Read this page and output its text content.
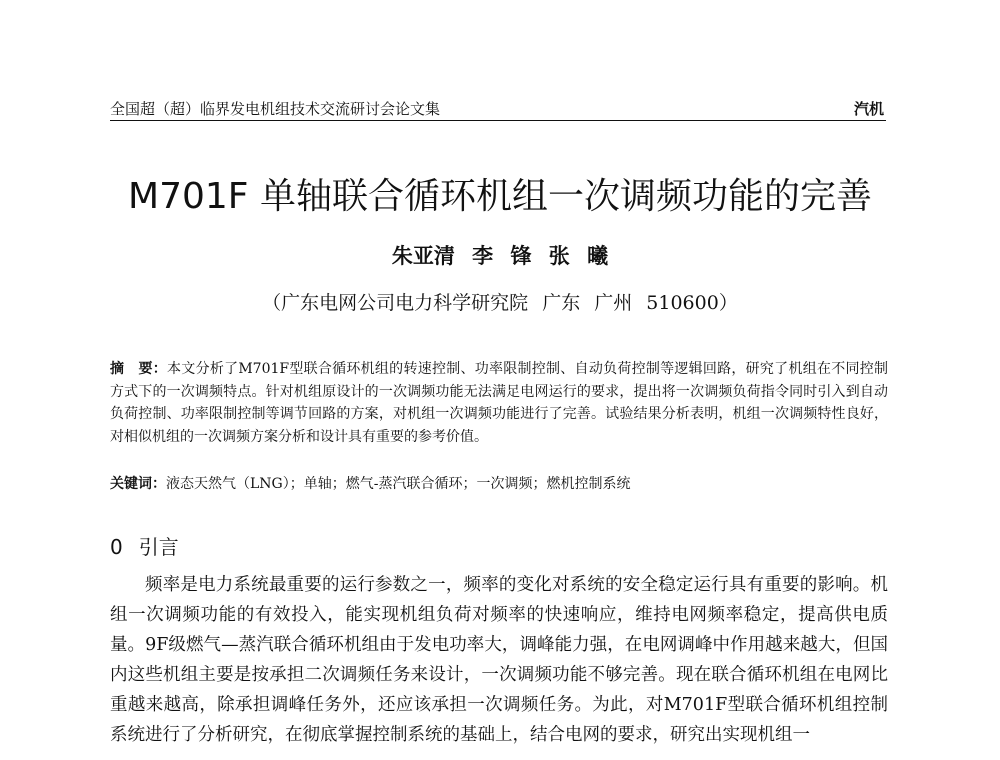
全国超（超）临界发电机组技术交流研讨会论文集	汽机
M701F 单轴联合循环机组一次调频功能的完善
朱亚清 李 锋 张 曦
（广东电网公司电力科学研究院 广东 广州 510600）
摘　要：本文分析了M701F型联合循环机组的转速控制、功率限制控制、自动负荷控制等逻辑回路，研究了机组在不同控制方式下的一次调频特点。针对机组原设计的一次调频功能无法满足电网运行的要求，提出将一次调频负荷指令同时引入到自动负荷控制、功率限制控制等调节回路的方案，对机组一次调频功能进行了完善。试验结果分析表明，机组一次调频特性良好，对相似机组的一次调频方案分析和设计具有重要的参考价值。
关键词：液态天然气（LNG）；单轴；燃气-蒸汽联合循环；一次调频；燃机控制系统
0 引言
频率是电力系统最重要的运行参数之一，频率的变化对系统的安全稳定运行具有重要的影响。机组一次调频功能的有效投入，能实现机组负荷对频率的快速响应，维持电网频率稳定，提高供电质量。9F级燃气—蒸汽联合循环机组由于发电功率大，调峰能力强，在电网调峰中作用越来越大，但国内这些机组主要是按承担二次调频任务来设计，一次调频功能不够完善。现在联合循环机组在电网比重越来越高，除承担调峰任务外，还应该承担一次调频任务。为此，对M701F型联合循环机组控制系统进行了分析研究，在彻底掌握控制系统的基础上，结合电网的要求，研究出实现机组一
